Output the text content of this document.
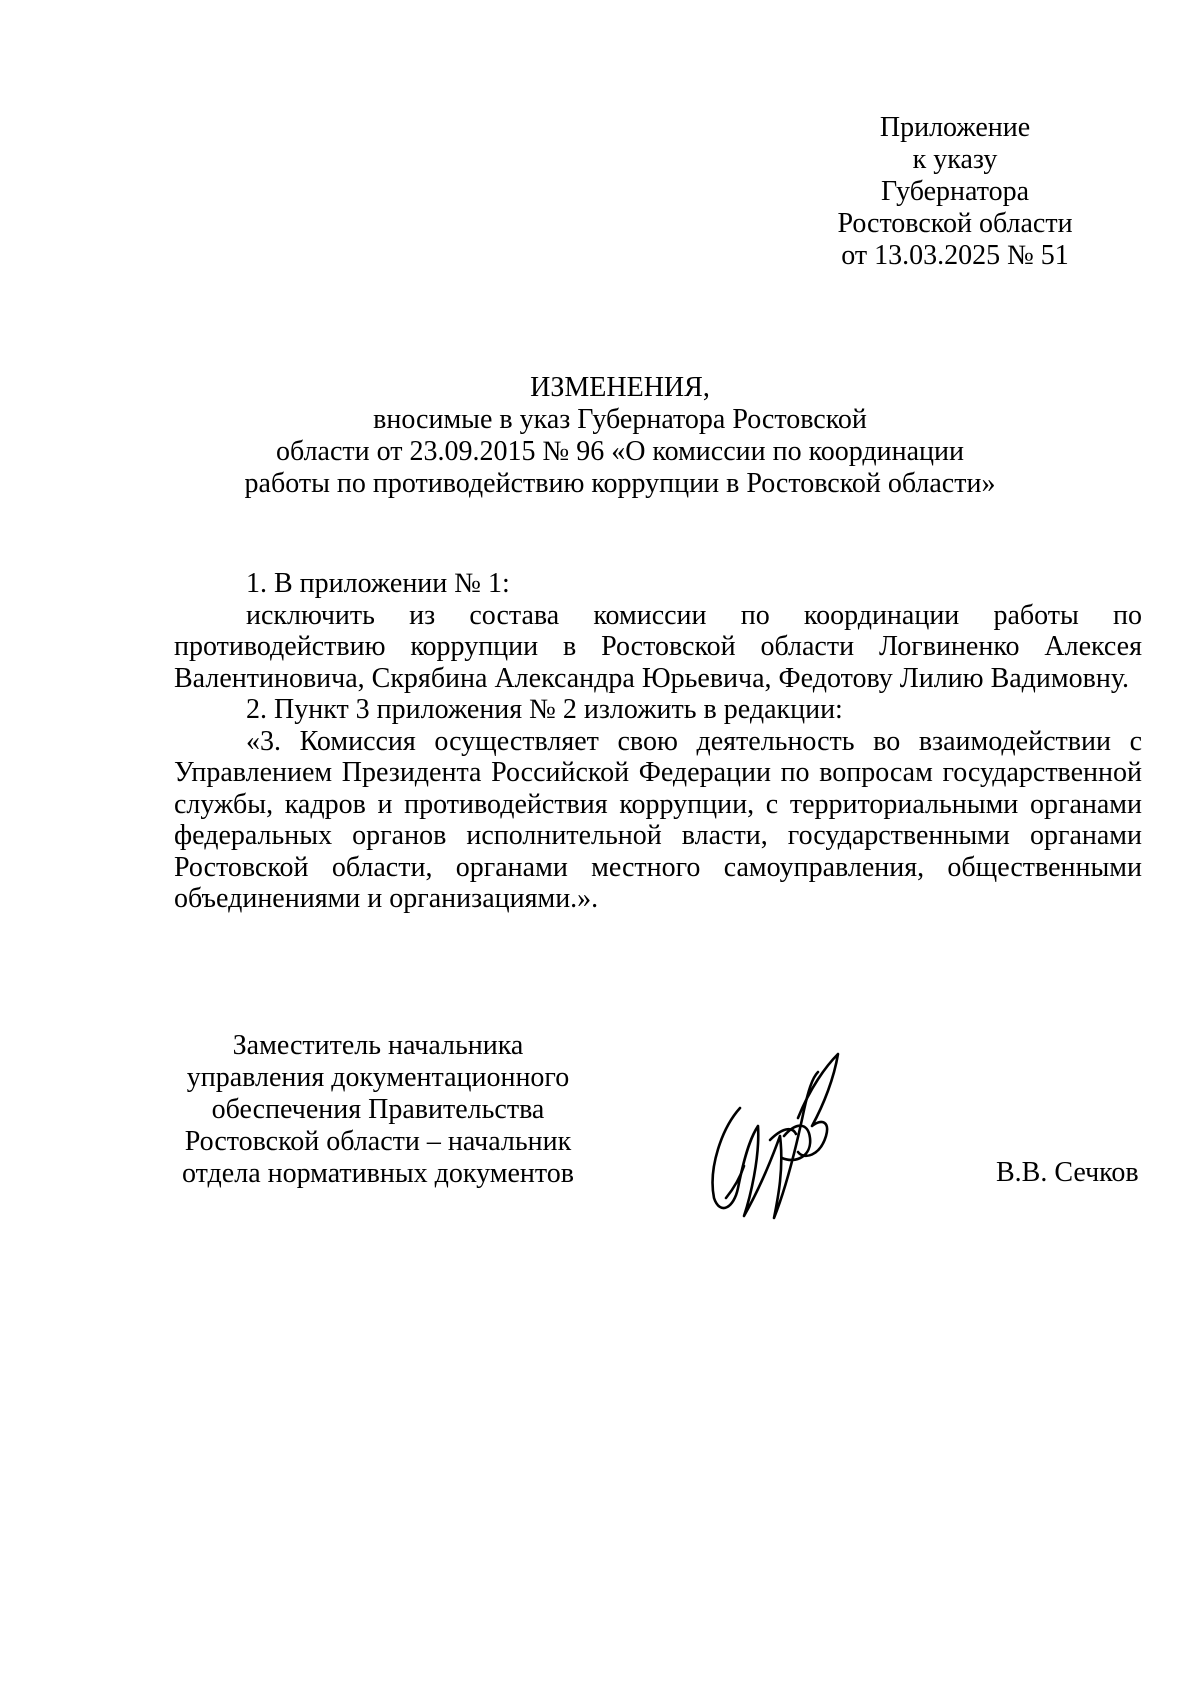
Приложение
к указу
Губернатора
Ростовской области
от 13.03.2025 № 51
ИЗМЕНЕНИЯ,
вносимые в указ Губернатора Ростовской
области от 23.09.2015 № 96 «О комиссии по координации
работы по противодействию коррупции в Ростовской области»

1. В приложении № 1:

исключить из состава комиссии по координации работы по противодействию коррупции в Ростовской области Логвиненко Алексея Валентиновича, Скрябина Александра Юрьевича, Федотову Лилию Вадимовну.

2. Пункт 3 приложения № 2 изложить в редакции:

«3. Комиссия осуществляет свою деятельность во взаимодействии с Управлением Президента Российской Федерации по вопросам государственной службы, кадров и противодействия коррупции, с территориальными органами федеральных органов исполнительной власти, государственными органами Ростовской области, органами местного самоуправления, общественными объединениями и организациями.».

Заместитель начальника
управления документационного
обеспечения Правительства
Ростовской области – начальник
отдела нормативных документов	В.В. Сечков
